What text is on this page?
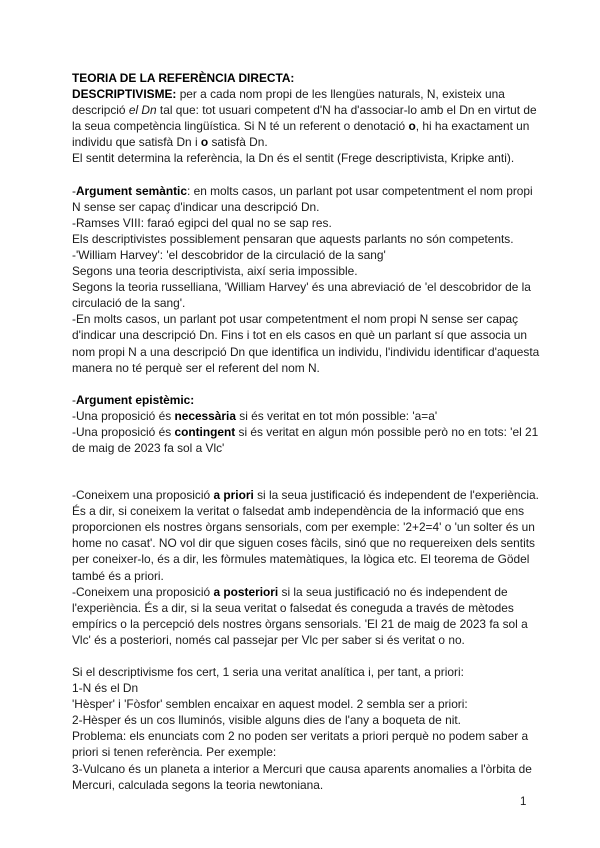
TEORIA DE LA REFERÈNCIA DIRECTA:

DESCRIPTIVISME: per a cada nom propi de les llengües naturals, N, existeix una descripció el Dn tal que: tot usuari competent d'N ha d'associar-lo amb el Dn en virtut de la seua competència lingüística. Si N té un referent o denotació o, hi ha exactament un individu que satisfà Dn i o satisfà Dn.

El sentit determina la referència, la Dn és el sentit (Frege descriptivista, Kripke anti).

-Argument semàntic: en molts casos, un parlant pot usar competentment el nom propi N sense ser capaç d'indicar una descripció Dn.

-Ramses VIII: faraó egipci del qual no se sap res.

Els descriptivistes possiblement pensaran que aquests parlants no són competents.

-'William Harvey': 'el descobridor de la circulació de la sang'

Segons una teoria descriptivista, així seria impossible.

Segons la teoria russelliana, 'William Harvey' és una abreviació de 'el descobridor de la circulació de la sang'.

-En molts casos, un parlant pot usar competentment el nom propi N sense ser capaç d'indicar una descripció Dn. Fins i tot en els casos en què un parlant sí que associa un nom propi N a una descripció Dn que identifica un individu, l'individu identificar d'aquesta manera no té perquè ser el referent del nom N.

-Argument epistèmic:

-Una proposició és necessària si és veritat en tot món possible: 'a=a'

-Una proposició és contingent si és veritat en algun món possible però no en tots: 'el 21 de maig de 2023 fa sol a Vlc'

-Coneixem una proposició a priori si la seua justificació és independent de l'experiència. És a dir, si coneixem la veritat o falsedat amb independència de la informació que ens proporcionen els nostres òrgans sensorials, com per exemple: '2+2=4' o 'un solter és un home no casat'. NO vol dir que siguen coses fàcils, sinó que no requereixen dels sentits per coneixer-lo, és a dir, les fòrmules matemàtiques, la lògica etc. El teorema de Gödel també és a priori.

-Coneixem una proposició a posteriori si la seua justificació no és independent de l'experiència. És a dir, si la seua veritat o falsedat és coneguda a través de mètodes empírics o la percepció dels nostres òrgans sensorials. 'El 21 de maig de 2023 fa sol a Vlc' és a posteriori, només cal passejar per Vlc per saber si és veritat o no.

Si el descriptivisme fos cert, 1 seria una veritat analítica i, per tant, a priori:

1-N és el Dn

'Hèsper' i 'Fòsfor' semblen encaixar en aquest model. 2 sembla ser a priori:

2-Hèsper és un cos lluminós, visible alguns dies de l'any a boqueta de nit.

Problema: els enunciats com 2 no poden ser veritats a priori perquè no podem saber a priori si tenen referència. Per exemple:

3-Vulcano és un planeta a interior a Mercuri que causa aparents anomalies a l'òrbita de Mercuri, calculada segons la teoria newtoniana.

1
